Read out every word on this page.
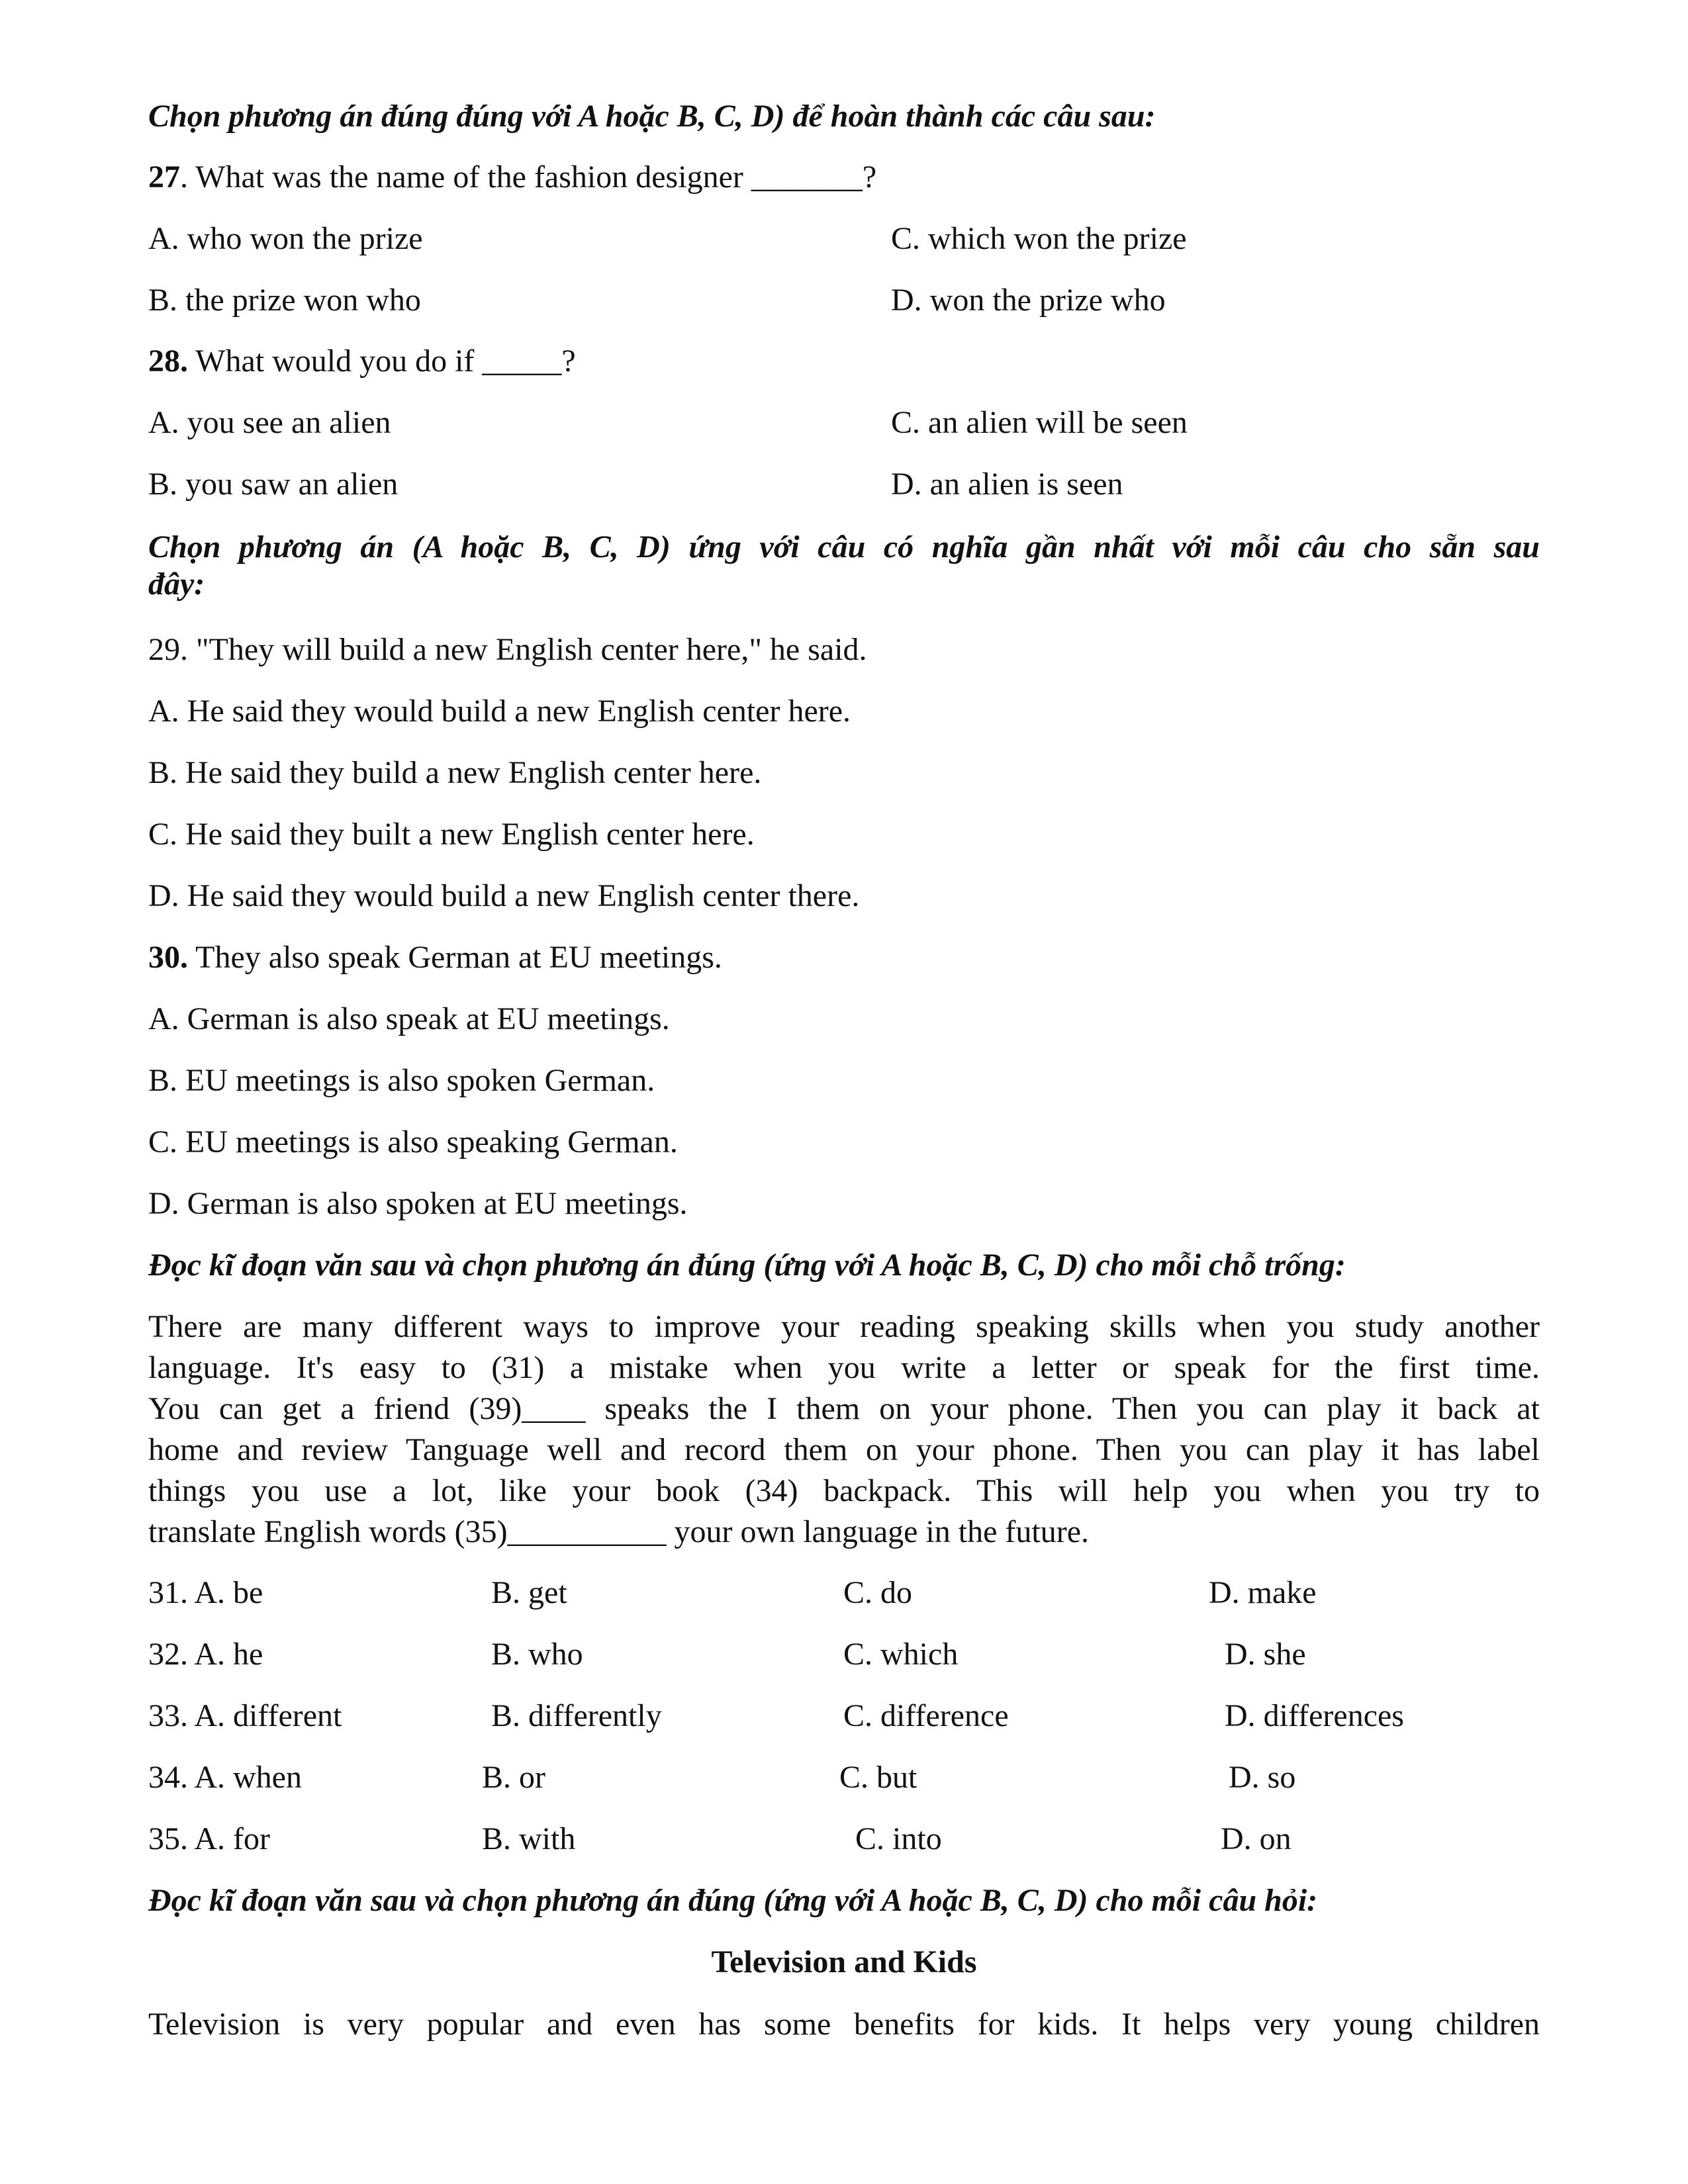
Chọn phương án đúng đúng với A hoặc B, C, D) để hoàn thành các câu sau:
27. What was the name of the fashion designer _______?
A. who won the prize	C. which won the prize
B. the prize won who	D. won the prize who
28. What would you do if _____?
A. you see an alien	C. an alien will be seen
B. you saw an alien	D. an alien is seen
Chọn phương án (A hoặc B, C, D) ứng với câu có nghĩa gần nhất với mỗi câu cho sẵn sau
đây:
29. "They will build a new English center here," he said.
A. He said they would build a new English center here.
B. He said they build a new English center here.
C. He said they built a new English center here.
D. He said they would build a new English center there.
30. They also speak German at EU meetings.
A. German is also speak at EU meetings.
B. EU meetings is also spoken German.
C. EU meetings is also speaking German.
D. German is also spoken at EU meetings.
Đọc kĩ đoạn văn sau và chọn phương án đúng (ứng với A hoặc B, C, D) cho mỗi chỗ trống:
There are many different ways to improve your reading speaking skills when you study another
language. It's easy to (31) a mistake when you write a letter or speak for the first time.
You can get a friend (39)____ speaks the I them on your phone. Then you can play it back at
home and review Tanguage well and record them on your phone. Then you can play it has label
things you use a lot, like your book (34) backpack. This will help you when you try to
translate English words (35)__________ your own language in the future.
31. A. be	B. get	C. do	D. make
32. A. he	B. who	C. which	D. she
33. A. different	B. differently	C. difference	D. differences
34. A. when	B. or	C. but	D. so
35. A. for	B. with	C. into	D. on
Đọc kĩ đoạn văn sau và chọn phương án đúng (ứng với A hoặc B, C, D) cho mỗi câu hỏi:
Television and Kids
Television is very popular and even has some benefits for kids. It helps very young children
